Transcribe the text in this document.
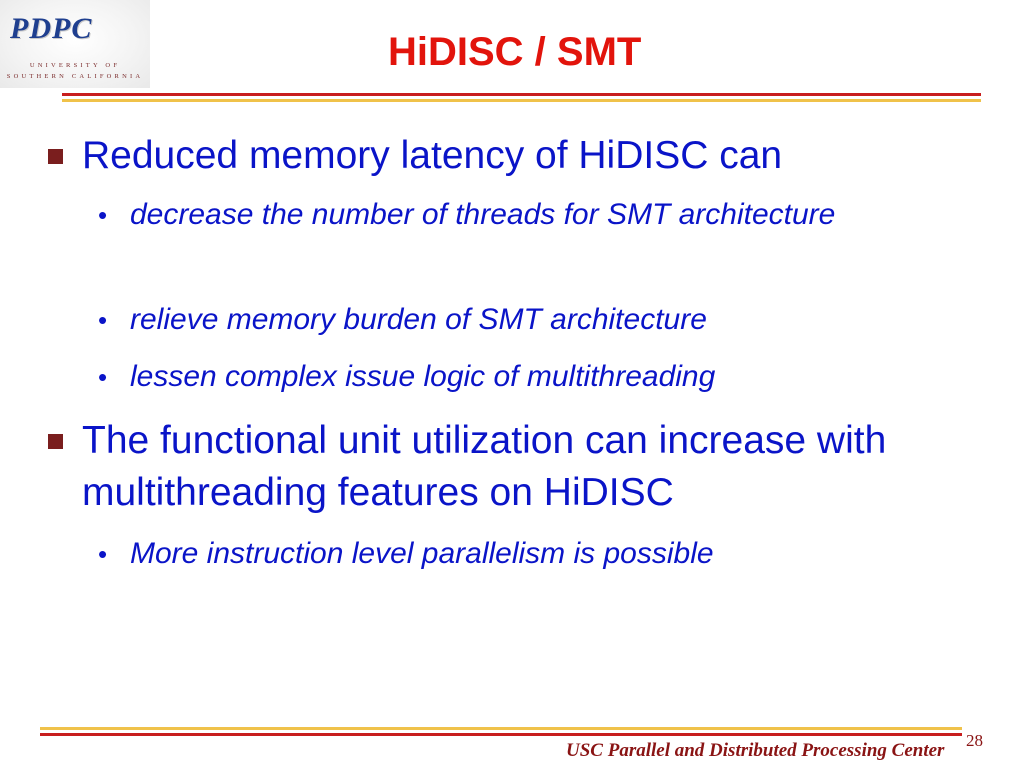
PDPC
UNIVERSITY OF
SOUTHERN CALIFORNIA
HiDISC / SMT
Reduced memory latency of HiDISC can
• decrease the number of threads for SMT architecture
• relieve memory burden of SMT architecture
• lessen complex issue logic of multithreading
The functional unit utilization can increase with multithreading features on HiDISC
• More instruction level parallelism is possible
USC Parallel and Distributed Processing Center 28
